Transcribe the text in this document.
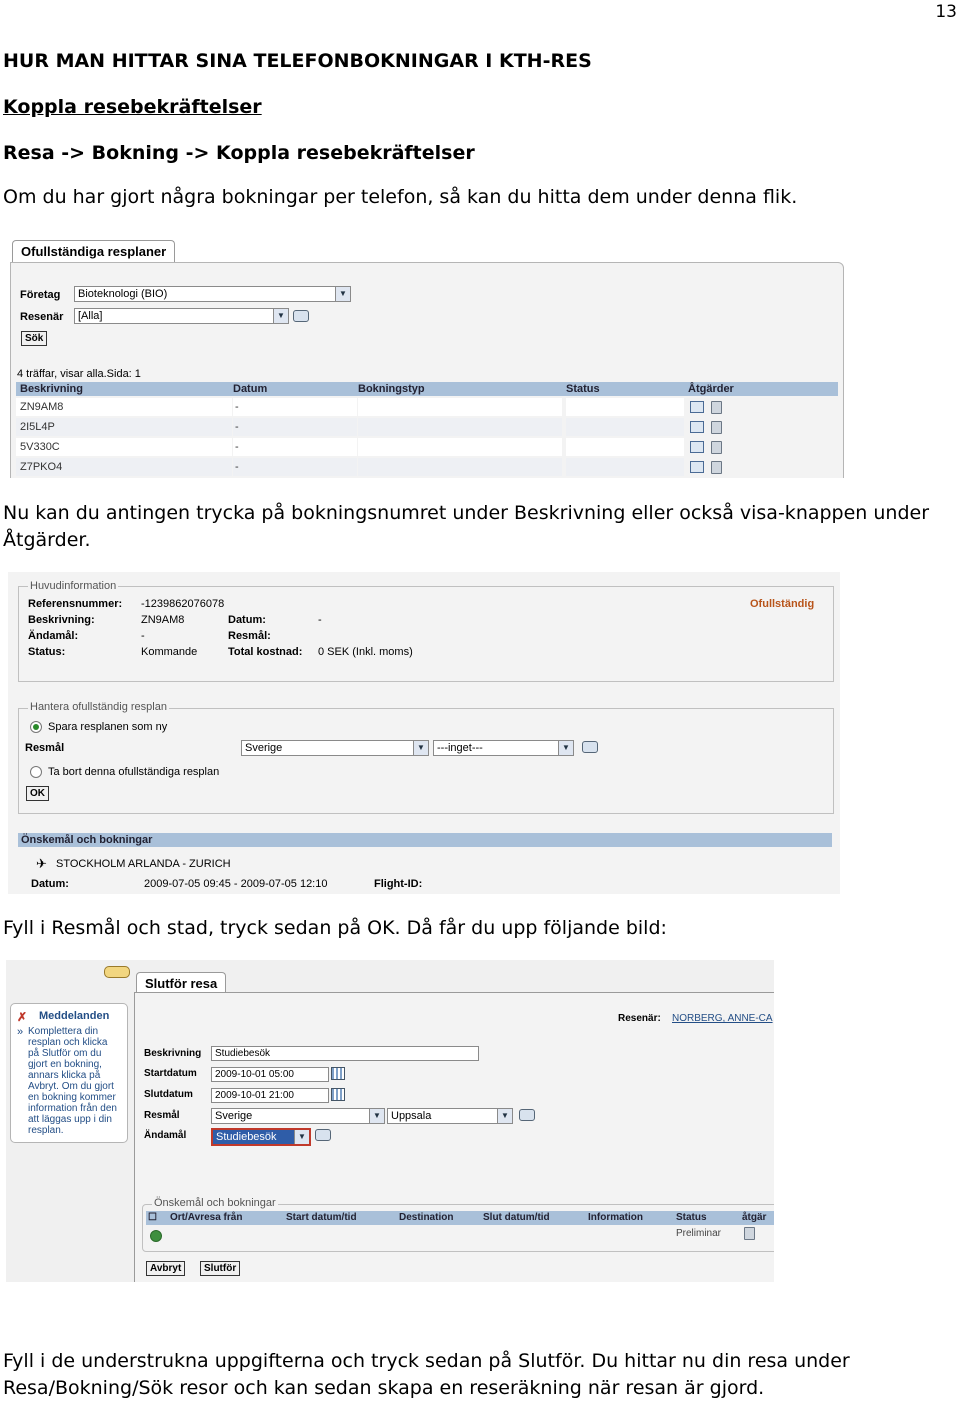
13
HUR MAN HITTAR SINA TELEFONBOKNINGAR I KTH-RES
Koppla resebekräftelser
Resa -> Bokning -> Koppla resebekräftelser
Om du har gjort några bokningar per telefon, så kan du hitta dem under denna flik.
Ofullständiga resplaner
Företag	Bioteknologi (BIO)	▼
Resenär	[Alla]	▼
Sök
4 träffar, visar alla.Sida: 1
Beskrivning	Datum	Bokningstyp	Status	Åtgärder
ZN9AM8	-
2I5L4P	-
5V330C	-
Z7PKO4	-
Nu kan du antingen trycka på bokningsnumret under Beskrivning eller också visa-knappen under
Åtgärder.
Huvudinformation
Referensnummer: -1239862076078	Ofullständig
Beskrivning:	ZN9AM8	Datum:	-
Ändamål:	-	Resmål:
Status:	Kommande	Total kostnad: 0 SEK (Inkl. moms)
Hantera ofullständig resplan
Spara resplanen som ny
Resmål	Sverige	▼	---inget---	▼
Ta bort denna ofullständiga resplan
OK
Önskemål och bokningar
✈ STOCKHOLM ARLANDA - ZURICH
Datum:	2009-07-05 09:45 - 2009-07-05 12:10	Flight-ID:
Fyll i Resmål och stad, tryck sedan på OK. Då får du upp följande bild:
✗ Meddelanden
» Komplettera din
resplan och klicka
på Slutför om du
gjort en bokning,
annars klicka på
Avbryt. Om du gjort
en bokning kommer
information från den
att läggas upp i din
resplan.
Slutför resa
Resenär: NORBERG, ANNE-CA
Beskrivning	Studiebesök
Startdatum	2009-10-01 05:00
Slutdatum	2009-10-01 21:00
Resmål	Sverige	▼ Uppsala	▼
Ändamål	Studiebesök	▼
Önskemål och bokningar
☐ Ort/Avresa från	Start datum/tid	Destination	Slut datum/tid	Information	Status	åtgär
Preliminar
Avbryt	Slutför
Fyll i de understrukna uppgifterna och tryck sedan på Slutför. Du hittar nu din resa under
Resa/Bokning/Sök resor och kan sedan skapa en reseräkning när resan är gjord.
